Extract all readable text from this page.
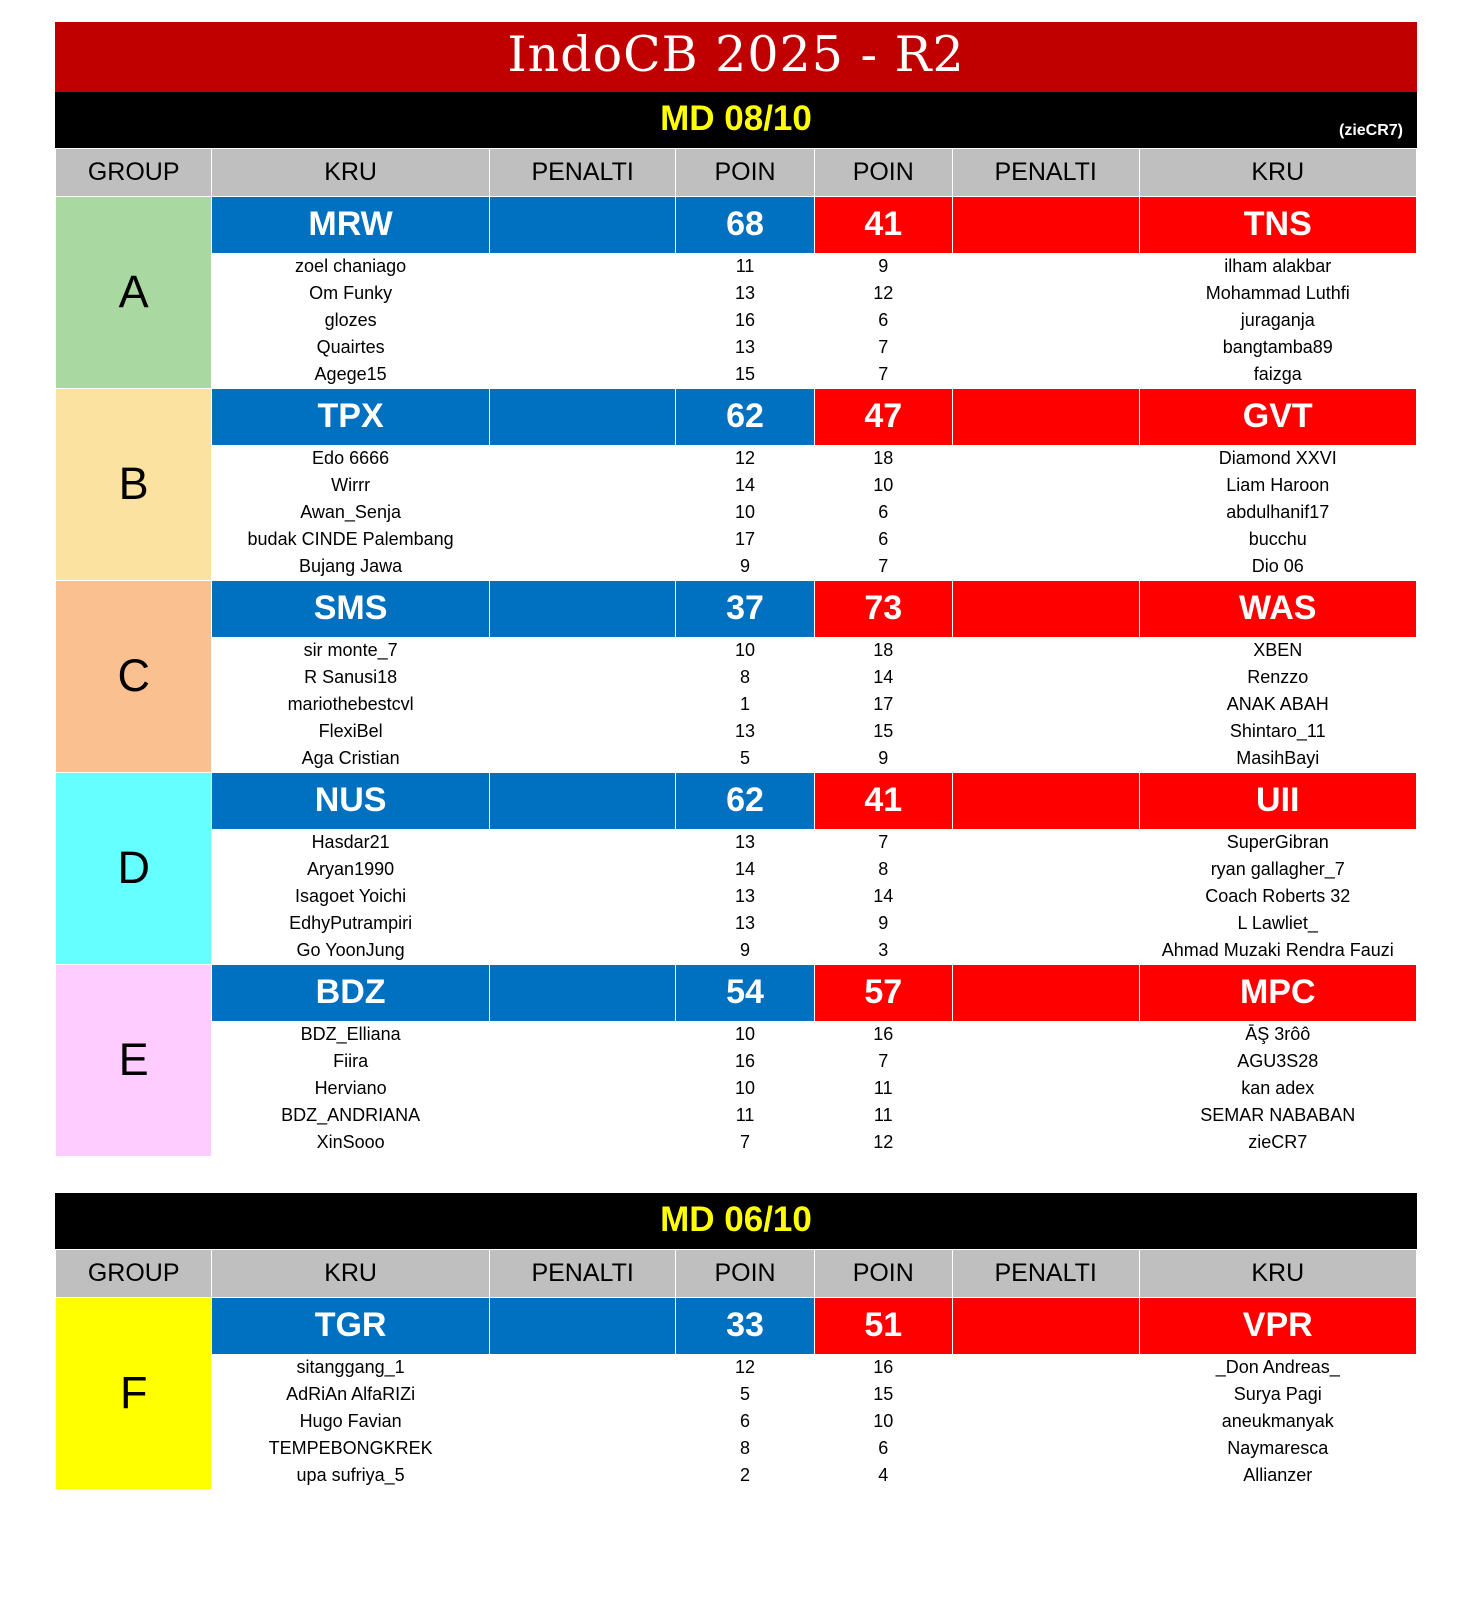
IndoCB 2025 - R2
MD 08/10	(zieCR7)
GROUP	KRU	PENALTI	POIN	POIN	PENALTI	KRU
A	MRW		68	41		TNS
	zoel chaniago		11	9		ilham alakbar
	Om Funky		13	12		Mohammad Luthfi
	glozes		16	6		juraganja
	Quairtes		13	7		bangtamba89
	Agege15		15	7		faizga
B	TPX		62	47		GVT
	Edo 6666		12	18		Diamond XXVI
	Wirrr		14	10		Liam Haroon
	Awan_Senja		10	6		abdulhanif17
	budak CINDE Palembang		17	6		bucchu
	Bujang Jawa		9	7		Dio 06
C	SMS		37	73		WAS
	sir monte_7		10	18		XBEN
	R Sanusi18		8	14		Renzzo
	mariothebestcvl		1	17		ANAK ABAH
	FlexiBel		13	15		Shintaro_11
	Aga Cristian		5	9		MasihBayi
D	NUS		62	41		UII
	Hasdar21		13	7		SuperGibran
	Aryan1990		14	8		ryan gallagher_7
	Isagoet Yoichi		13	14		Coach Roberts 32
	EdhyPutrampiri		13	9		L Lawliet_
	Go YoonJung		9	3		Ahmad Muzaki Rendra Fauzi
E	BDZ		54	57		MPC
	BDZ_Elliana		10	16		ĀŞ 3rôô
	Fiira		16	7		AGU3S28
	Herviano		10	11		kan adex
	BDZ_ANDRIANA		11	11		SEMAR NABABAN
	XinSooo		7	12		zieCR7
MD 06/10
GROUP	KRU	PENALTI	POIN	POIN	PENALTI	KRU
F	TGR		33	51		VPR
	sitanggang_1		12	16		_Don Andreas_
	AdRiAn AlfaRIZi		5	15		Surya Pagi
	Hugo Favian		6	10		aneukmanyak
	TEMPEBONGKREK		8	6		Naymaresca
	upa sufriya_5		2	4		Allianzer
